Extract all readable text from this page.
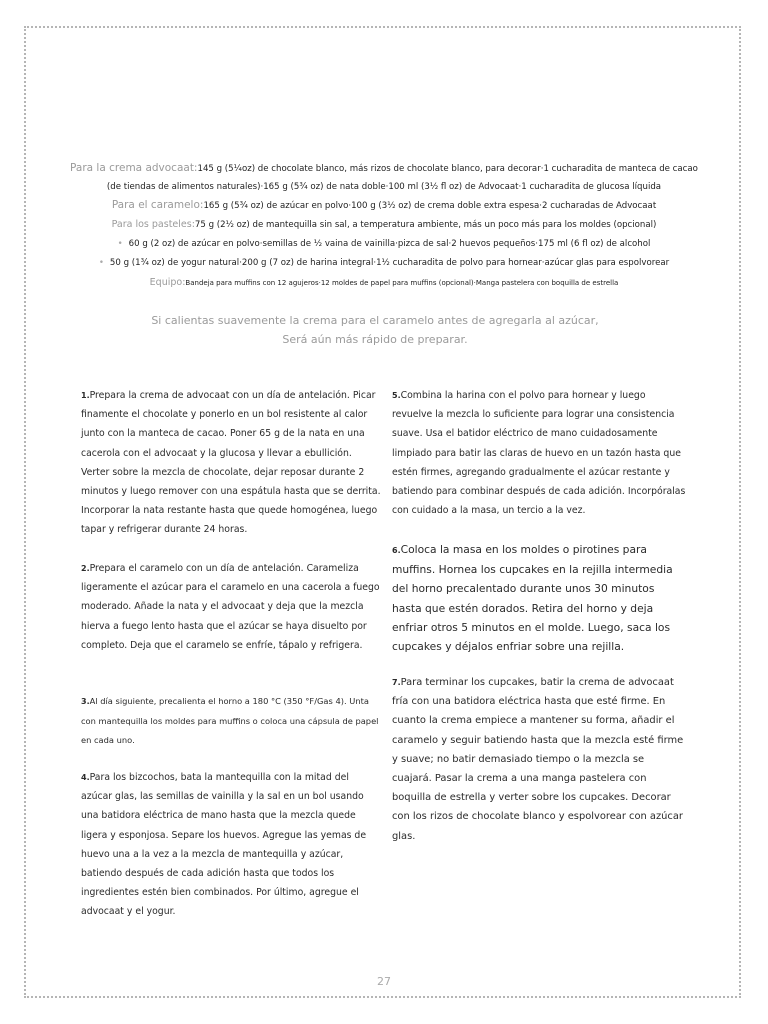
Para la crema advocaat:145 g (5¼oz) de chocolate blanco, más rizos de chocolate blanco, para decorar·1 cucharadita de manteca de cacao
(de tiendas de alimentos naturales)·165 g (5¾ oz) de nata doble·100 ml (3½ fl oz) de Advocaat·1 cucharadita de glucosa líquida
Para el caramelo:165 g (5¾ oz) de azúcar en polvo·100 g (3½ oz) de crema doble extra espesa·2 cucharadas de Advocaat
Para los pasteles:75 g (2½ oz) de mantequilla sin sal, a temperatura ambiente, más un poco más para los moldes (opcional)
• 60 g (2 oz) de azúcar en polvo·semillas de ½ vaina de vainilla·pizca de sal·2 huevos pequeños·175 ml (6 fl oz) de alcohol
• 50 g (1¾ oz) de yogur natural·200 g (7 oz) de harina integral·1½ cucharadita de polvo para hornear·azúcar glas para espolvorear
Equipo:Bandeja para muffins con 12 agujeros·12 moldes de papel para muffins (opcional)·Manga pastelera con boquilla de estrella
Si calientas suavemente la crema para el caramelo antes de agregarla al azúcar,
Será aún más rápido de preparar.
1.Prepara la crema de advocaat con un día de antelación. Picar finamente el chocolate y ponerlo en un bol resistente al calor junto con la manteca de cacao. Poner 65 g de la nata en una cacerola con el advocaat y la glucosa y llevar a ebullición. Verter sobre la mezcla de chocolate, dejar reposar durante 2 minutos y luego remover con una espátula hasta que se derrita. Incorporar la nata restante hasta que quede homogénea, luego tapar y refrigerar durante 24 horas.
2.Prepara el caramelo con un día de antelación. Carameliza ligeramente el azúcar para el caramelo en una cacerola a fuego moderado. Añade la nata y el advocaat y deja que la mezcla hierva a fuego lento hasta que el azúcar se haya disuelto por completo. Deja que el caramelo se enfríe, tápalo y refrigera.
3.Al día siguiente, precalienta el horno a 180 °C (350 °F/Gas 4). Unta con mantequilla los moldes para muffins o coloca una cápsula de papel en cada uno.
4.Para los bizcochos, bata la mantequilla con la mitad del azúcar glas, las semillas de vainilla y la sal en un bol usando una batidora eléctrica de mano hasta que la mezcla quede ligera y esponjosa. Separe los huevos. Agregue las yemas de huevo una a la vez a la mezcla de mantequilla y azúcar, batiendo después de cada adición hasta que todos los ingredientes estén bien combinados. Por último, agregue el advocaat y el yogur.
5.Combina la harina con el polvo para hornear y luego revuelve la mezcla lo suficiente para lograr una consistencia suave. Usa el batidor eléctrico de mano cuidadosamente limpiado para batir las claras de huevo en un tazón hasta que estén firmes, agregando gradualmente el azúcar restante y batiendo para combinar después de cada adición. Incorpóralas con cuidado a la masa, un tercio a la vez.
6.Coloca la masa en los moldes o pirotines para muffins. Hornea los cupcakes en la rejilla intermedia del horno precalentado durante unos 30 minutos hasta que estén dorados. Retira del horno y deja enfriar otros 5 minutos en el molde. Luego, saca los cupcakes y déjalos enfriar sobre una rejilla.
7.Para terminar los cupcakes, batir la crema de advocaat fría con una batidora eléctrica hasta que esté firme. En cuanto la crema empiece a mantener su forma, añadir el caramelo y seguir batiendo hasta que la mezcla esté firme y suave; no batir demasiado tiempo o la mezcla se cuajará. Pasar la crema a una manga pastelera con boquilla de estrella y verter sobre los cupcakes. Decorar con los rizos de chocolate blanco y espolvorear con azúcar glas.
27
